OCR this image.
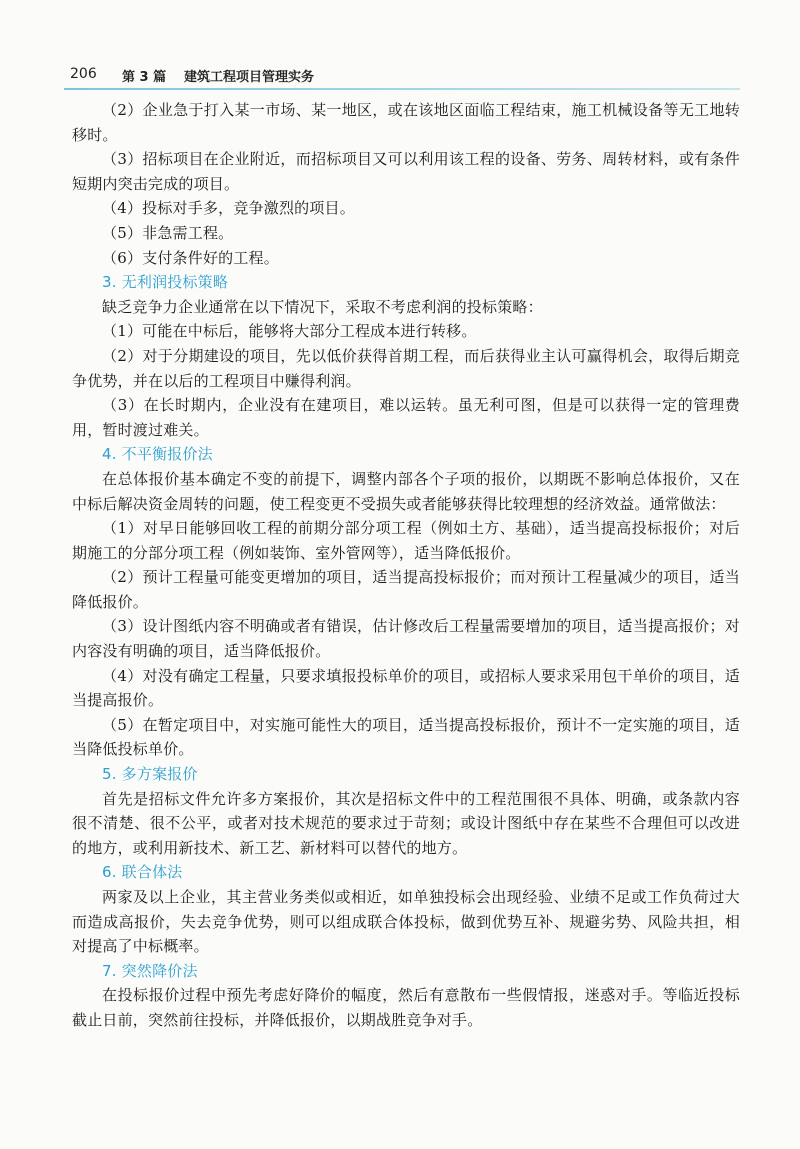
206 第 3 篇 建筑工程项目管理实务

（2）企业急于打入某一市场、某一地区，或在该地区面临工程结束，施工机械设备等无工地转移时。

（3）招标项目在企业附近，而招标项目又可以利用该工程的设备、劳务、周转材料，或有条件短期内突击完成的项目。

（4）投标对手多，竞争激烈的项目。

（5）非急需工程。

（6）支付条件好的工程。

3. 无利润投标策略

缺乏竞争力企业通常在以下情况下，采取不考虑利润的投标策略：

（1）可能在中标后，能够将大部分工程成本进行转移。

（2）对于分期建设的项目，先以低价获得首期工程，而后获得业主认可赢得机会，取得后期竞争优势，并在以后的工程项目中赚得利润。

（3）在长时期内，企业没有在建项目，难以运转。虽无利可图，但是可以获得一定的管理费用，暂时渡过难关。

4. 不平衡报价法

在总体报价基本确定不变的前提下，调整内部各个子项的报价，以期既不影响总体报价，又在中标后解决资金周转的问题，使工程变更不受损失或者能够获得比较理想的经济效益。通常做法：

（1）对早日能够回收工程的前期分部分项工程（例如土方、基础），适当提高投标报价；对后期施工的分部分项工程（例如装饰、室外管网等），适当降低报价。

（2）预计工程量可能变更增加的项目，适当提高投标报价；而对预计工程量减少的项目，适当降低报价。

（3）设计图纸内容不明确或者有错误，估计修改后工程量需要增加的项目，适当提高报价；对内容没有明确的项目，适当降低报价。

（4）对没有确定工程量，只要求填报投标单价的项目，或招标人要求采用包干单价的项目，适当提高报价。

（5）在暂定项目中，对实施可能性大的项目，适当提高投标报价，预计不一定实施的项目，适当降低投标单价。

5. 多方案报价

首先是招标文件允许多方案报价，其次是招标文件中的工程范围很不具体、明确，或条款内容很不清楚、很不公平，或者对技术规范的要求过于苛刻；或设计图纸中存在某些不合理但可以改进的地方，或利用新技术、新工艺、新材料可以替代的地方。

6. 联合体法

两家及以上企业，其主营业务类似或相近，如单独投标会出现经验、业绩不足或工作负荷过大而造成高报价，失去竞争优势，则可以组成联合体投标，做到优势互补、规避劣势、风险共担，相对提高了中标概率。

7. 突然降价法

在投标报价过程中预先考虑好降价的幅度，然后有意散布一些假情报，迷惑对手。等临近投标截止日前，突然前往投标，并降低报价，以期战胜竞争对手。
